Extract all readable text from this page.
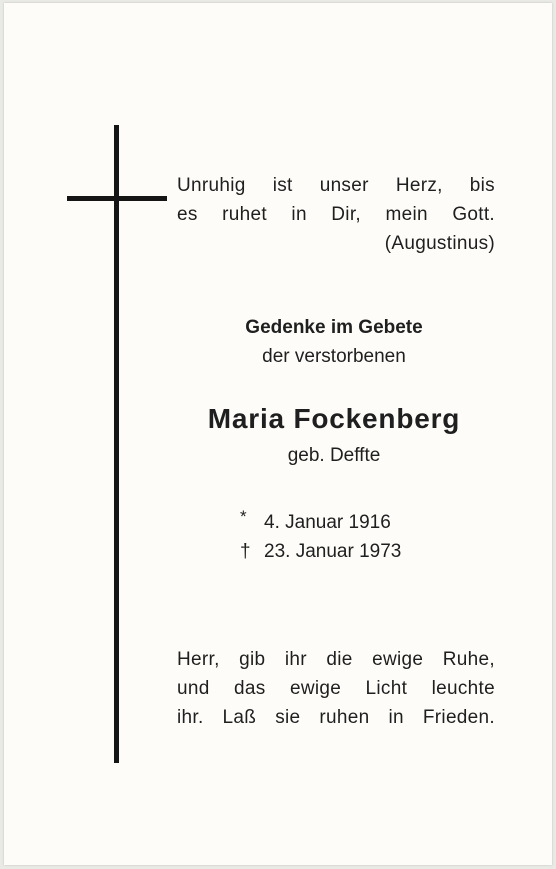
Unruhig ist unser Herz, bis
es ruhet in Dir, mein Gott.
(Augustinus)
Gedenke im Gebete
der verstorbenen
Maria Fockenberg
geb. Deffte
* 4. Januar 1916
† 23. Januar 1973
Herr, gib ihr die ewige Ruhe,
und das ewige Licht leuchte
ihr. Laß sie ruhen in Frieden.
